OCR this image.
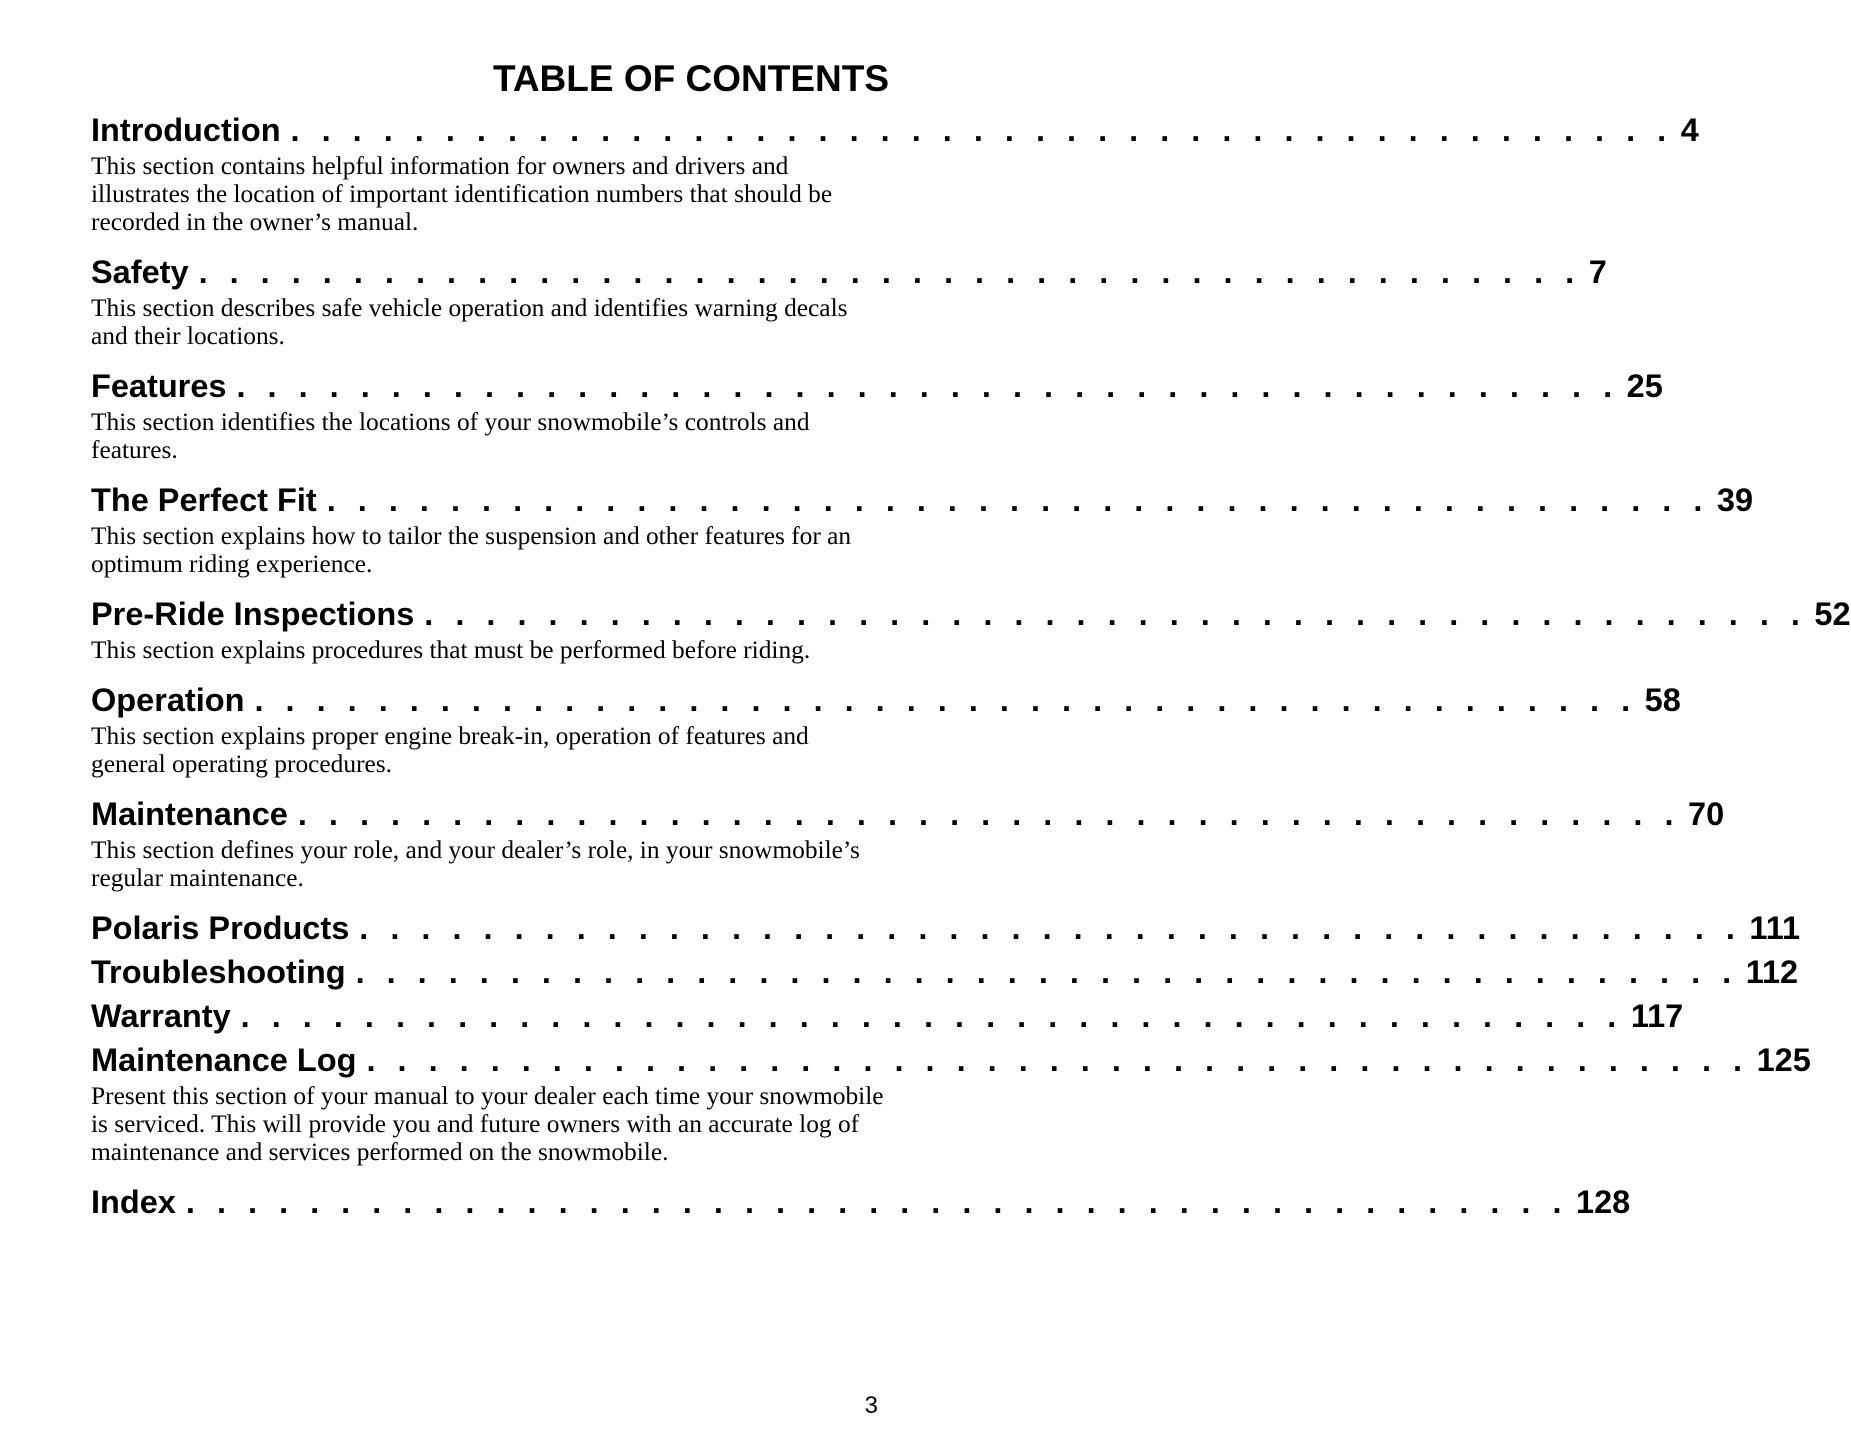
TABLE OF CONTENTS
Introduction . . . . . . . . . . . . . . . . . . . . . . . . . . . . . . . . . . . . . . . . . . . . . 4

This section contains helpful information for owners and drivers and illustrates the location of important identification numbers that should be recorded in the owner’s manual.

Safety . . . . . . . . . . . . . . . . . . . . . . . . . . . . . . . . . . . . . . . . . . . . . 7

This section describes safe vehicle operation and identifies warning decals and their locations.

Features . . . . . . . . . . . . . . . . . . . . . . . . . . . . . . . . . . . . . . . . . . . . . 25

This section identifies the locations of your snowmobile’s controls and features.

The Perfect Fit . . . . . . . . . . . . . . . . . . . . . . . . . . . . . . . . . . . . . . . . . . . . . 39

This section explains how to tailor the suspension and other features for an optimum riding experience.

Pre-Ride Inspections . . . . . . . . . . . . . . . . . . . . . . . . . . . . . . . . . . . . . . . . . . . . . 52

This section explains procedures that must be performed before riding.

Operation . . . . . . . . . . . . . . . . . . . . . . . . . . . . . . . . . . . . . . . . . . . . . 58

This section explains proper engine break-in, operation of features and general operating procedures.

Maintenance . . . . . . . . . . . . . . . . . . . . . . . . . . . . . . . . . . . . . . . . . . . . . 70

This section defines your role, and your dealer’s role, in your snowmobile’s regular maintenance.

Polaris Products . . . . . . . . . . . . . . . . . . . . . . . . . . . . . . . . . . . . . . . . . . . . . 111
Troubleshooting . . . . . . . . . . . . . . . . . . . . . . . . . . . . . . . . . . . . . . . . . . . . . 112
Warranty . . . . . . . . . . . . . . . . . . . . . . . . . . . . . . . . . . . . . . . . . . . . . 117
Maintenance Log . . . . . . . . . . . . . . . . . . . . . . . . . . . . . . . . . . . . . . . . . . . . . 125

Present this section of your manual to your dealer each time your snowmobile is serviced. This will provide you and future owners with an accurate log of maintenance and services performed on the snowmobile.

Index . . . . . . . . . . . . . . . . . . . . . . . . . . . . . . . . . . . . . . . . . . . . . 128
3
